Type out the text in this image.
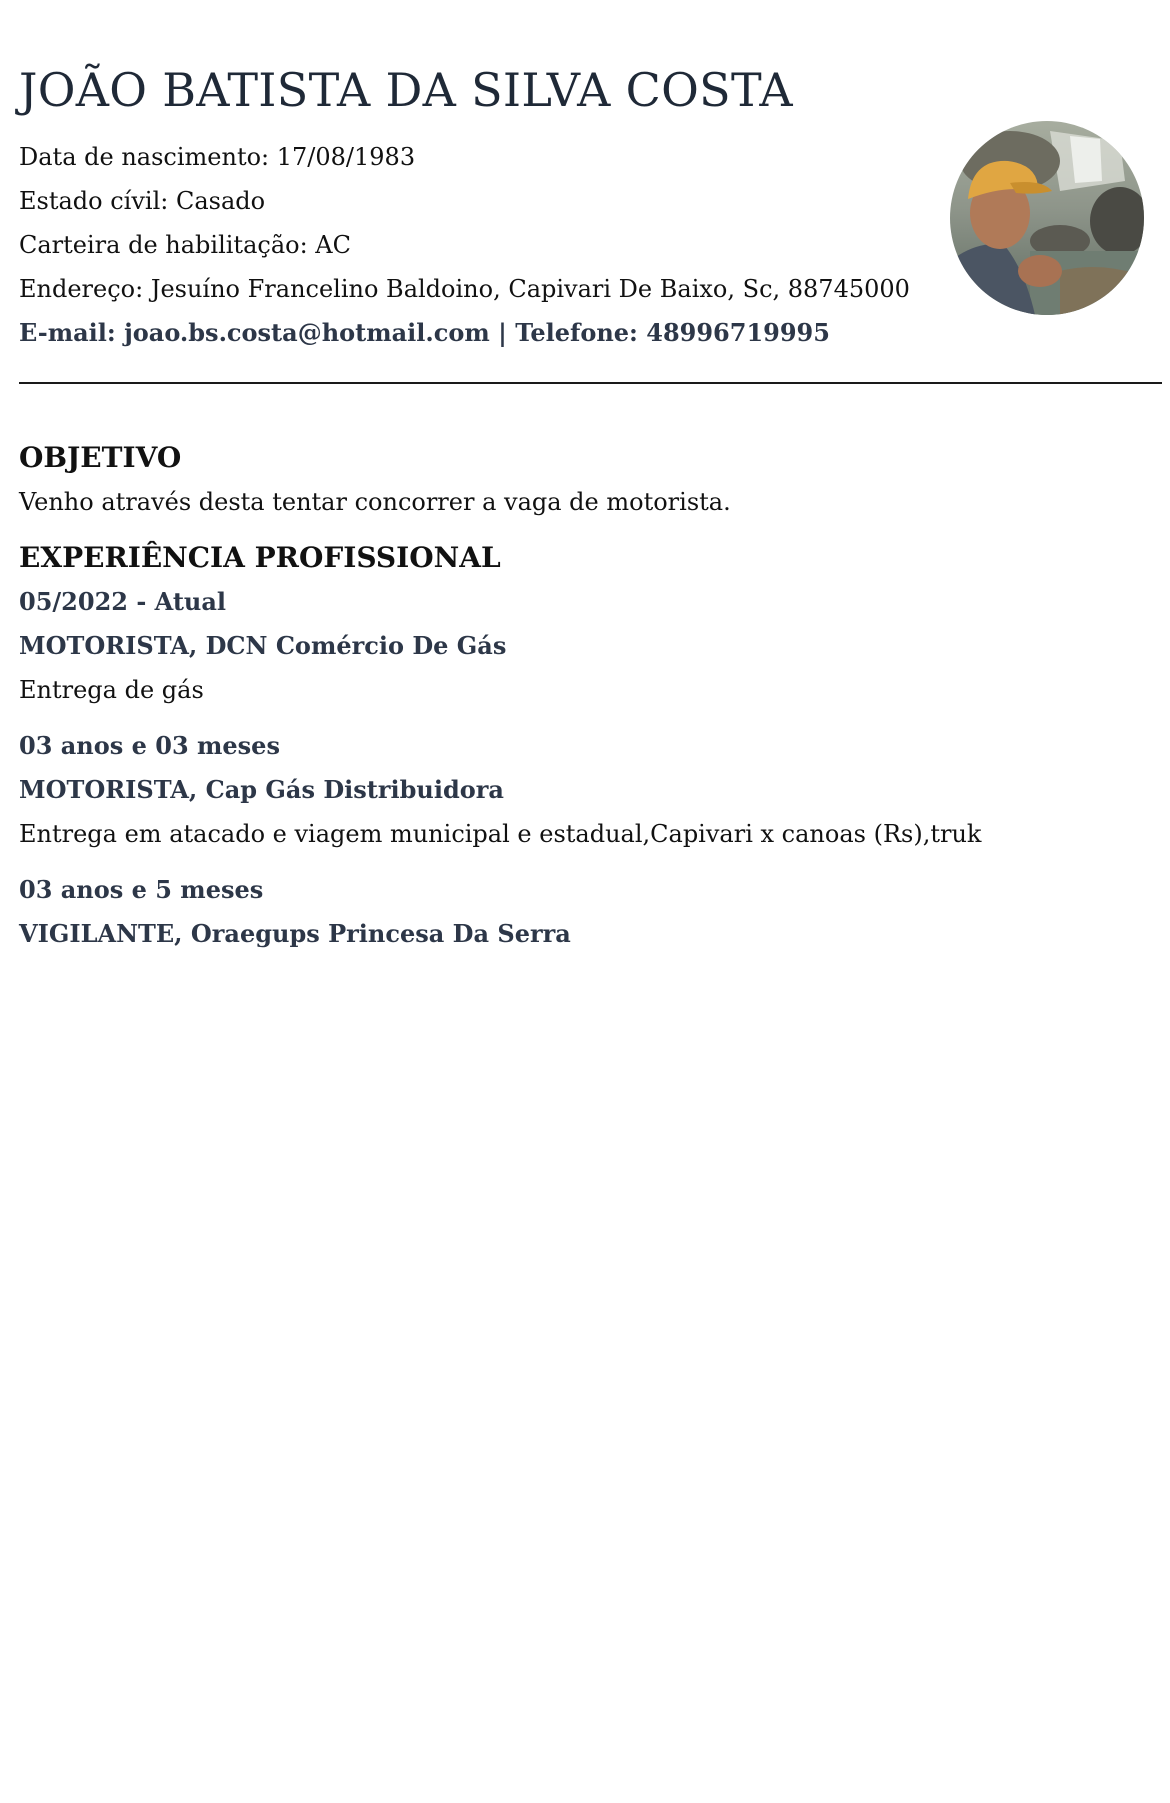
JOÃO BATISTA DA SILVA COSTA
Data de nascimento: 17/08/1983
Estado cívil: Casado
Carteira de habilitação: AC
Endereço: Jesuíno Francelino Baldoino, Capivari De Baixo, Sc, 88745000
E-mail: joao.bs.costa@hotmail.com | Telefone: 48996719995
OBJETIVO
Venho através desta tentar concorrer a vaga de motorista.
EXPERIÊNCIA PROFISSIONAL
05/2022 - Atual
MOTORISTA, DCN Comércio De Gás
Entrega de gás
03 anos e 03 meses
MOTORISTA, Cap Gás Distribuidora
Entrega em atacado e viagem municipal e estadual,Capivari x canoas (Rs),truk
03 anos e 5 meses
VIGILANTE, Oraegups Princesa Da Serra
